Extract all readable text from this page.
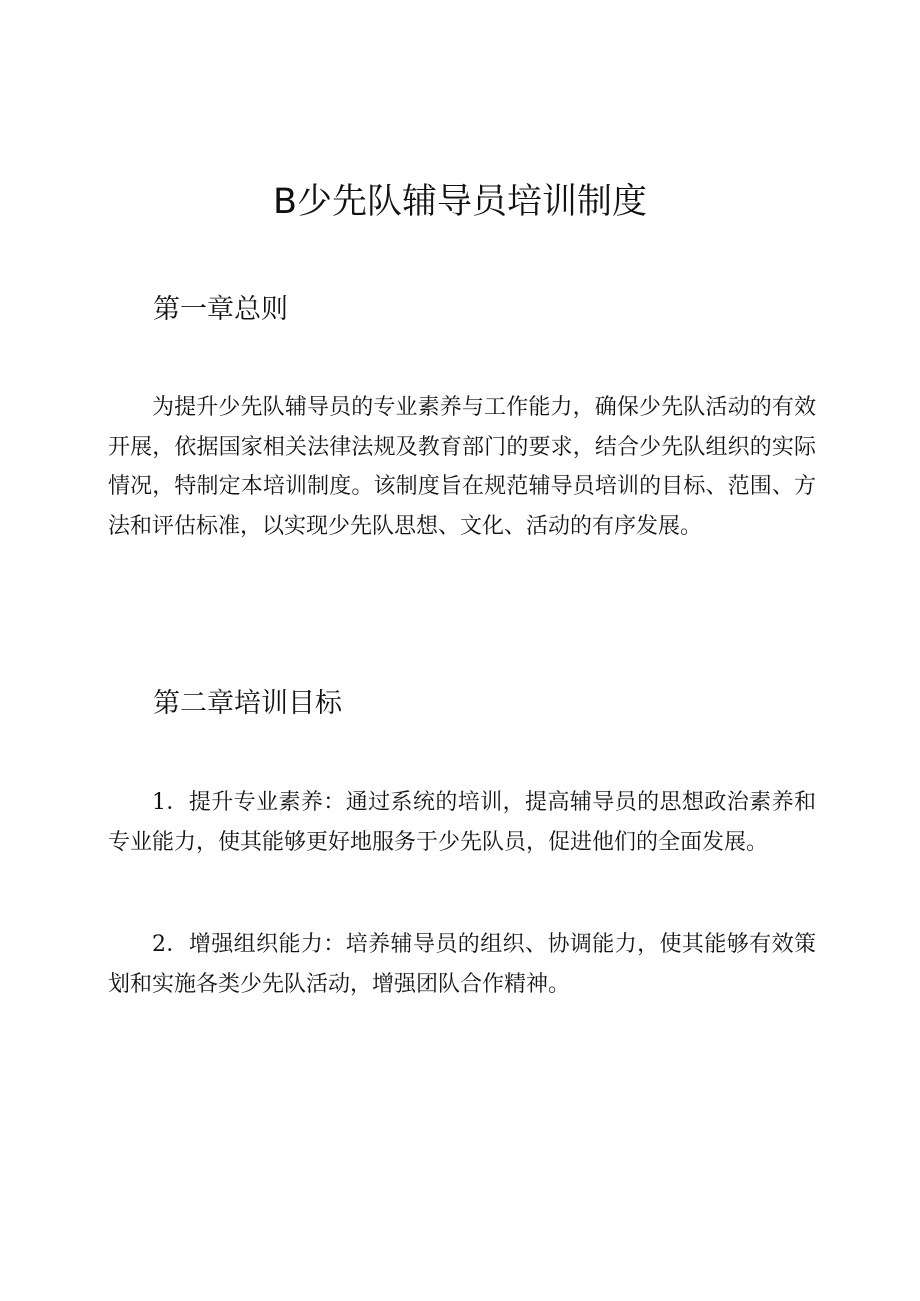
B少先队辅导员培训制度
第一章总则

为提升少先队辅导员的专业素养与工作能力，确保少先队活动的有效开展，依据国家相关法律法规及教育部门的要求，结合少先队组织的实际情况，特制定本培训制度。该制度旨在规范辅导员培训的目标、范围、方法和评估标准，以实现少先队思想、文化、活动的有序发展。

第二章培训目标

1．提升专业素养：通过系统的培训，提高辅导员的思想政治素养和专业能力，使其能够更好地服务于少先队员，促进他们的全面发展。

2．增强组织能力：培养辅导员的组织、协调能力，使其能够有效策划和实施各类少先队活动，增强团队合作精神。
